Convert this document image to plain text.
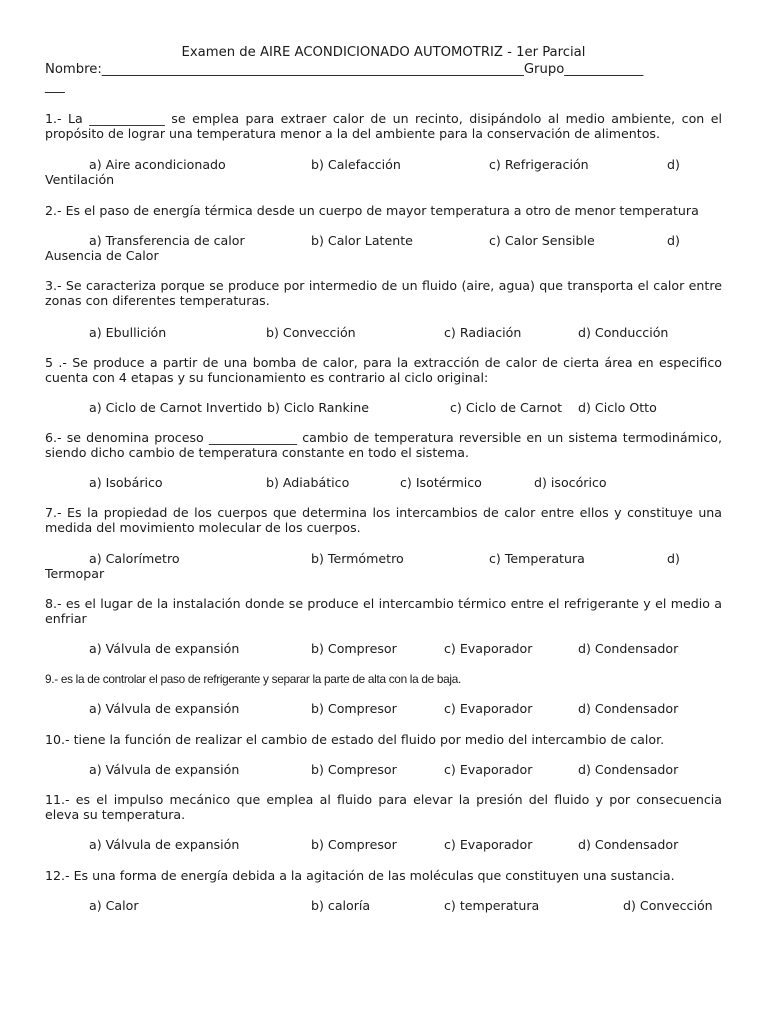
Examen de AIRE ACONDICIONADO AUTOMOTRIZ - 1er Parcial
Nombre:________________________________________________________________Grupo____________
___
1.- La ____________ se emplea para extraer calor de un recinto, disipándolo al medio ambiente, con el propósito de lograr una temperatura menor a la del ambiente para la conservación de alimentos.
a) Aire acondicionado	b) Calefacción	c) Refrigeración	d)
Ventilación
2.- Es el paso de energía térmica desde un cuerpo de mayor temperatura a otro de menor temperatura
a) Transferencia de calor	b) Calor Latente	c) Calor Sensible	d)
Ausencia de Calor
3.- Se caracteriza porque se produce por intermedio de un fluido (aire, agua) que transporta el calor entre zonas con diferentes temperaturas.
a) Ebullición	b) Convección	c) Radiación	d) Conducción
5 .- Se produce a partir de una bomba de calor, para la extracción de calor de cierta área en especifico cuenta con 4 etapas y su funcionamiento es contrario al ciclo original:
a) Ciclo de Carnot Invertido b) Ciclo Rankine	c) Ciclo de Carnot d) Ciclo Otto
6.- se denomina proceso ______________ cambio de temperatura reversible en un sistema termodinámico, siendo dicho cambio de temperatura constante en todo el sistema.
a) Isobárico	b) Adiabático	c) Isotérmico	d) isocórico
7.- Es la propiedad de los cuerpos que determina los intercambios de calor entre ellos y constituye una medida del movimiento molecular de los cuerpos.
a) Calorímetro	b) Termómetro	c) Temperatura	d)
Termopar
8.- es el lugar de la instalación donde se produce el intercambio térmico entre el refrigerante y el medio a enfriar
a) Válvula de expansión	b) Compresor	c) Evaporador	d) Condensador
9.- es la de controlar el paso de refrigerante y separar la parte de alta con la de baja.
a) Válvula de expansión	b) Compresor	c) Evaporador	d) Condensador
10.- tiene la función de realizar el cambio de estado del fluido por medio del intercambio de calor.
a) Válvula de expansión	b) Compresor	c) Evaporador	d) Condensador
11.- es el impulso mecánico que emplea al fluido para elevar la presión del fluido y por consecuencia eleva su temperatura.
a) Válvula de expansión	b) Compresor	c) Evaporador	d) Condensador
12.- Es una forma de energía debida a la agitación de las moléculas que constituyen una sustancia.
a) Calor	b) caloría	c) temperatura	d) Convección
